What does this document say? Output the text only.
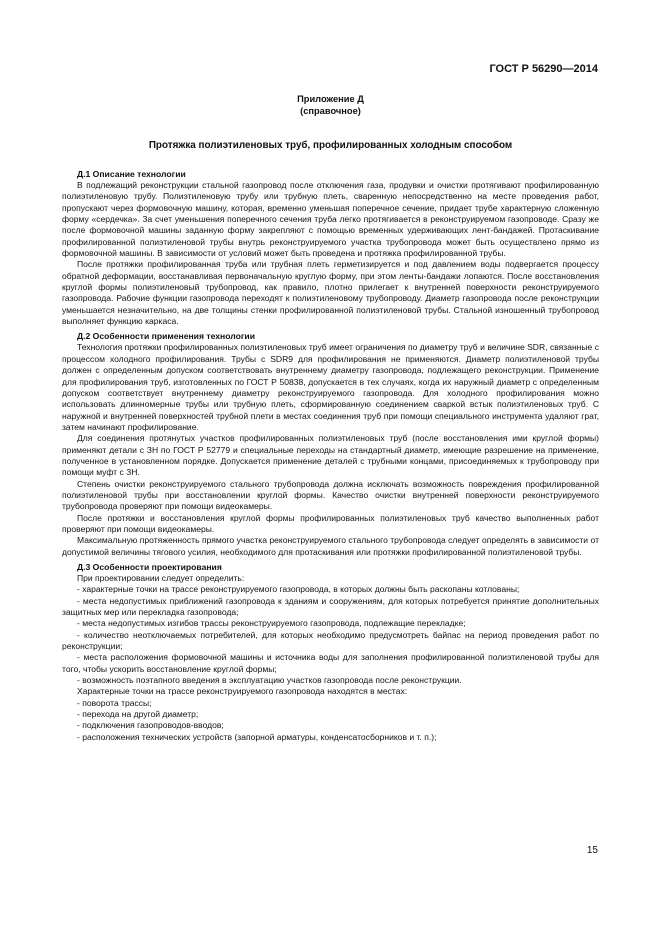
ГОСТ Р 56290—2014
Приложение Д
(справочное)
Протяжка полиэтиленовых труб, профилированных холодным способом
Д.1 Описание технологии

В подлежащий реконструкции стальной газопровод после отключения газа, продувки и очистки протягивают профилированную полиэтиленовую трубу. Полиэтиленовую трубу или трубную плеть, сваренную непосредственно на месте проведения работ, пропускают через формовочную машину, которая, временно уменьшая поперечное сечение, придает трубе характерную сложенную форму «сердечка». За счет уменьшения поперечного сечения труба легко протягивается в реконструируемом газопроводе. Сразу же после формовочной машины заданную форму закрепляют с помощью временных удерживающих лент-бандажей. Протаскивание профилированной полиэтиленовой трубы внутрь реконструируемого участка трубопровода может быть осуществлено прямо из формовочной машины. В зависимости от условий может быть проведена и протяжка профилированной трубы.

После протяжки профилированная труба или трубная плеть герметизируется и под давлением воды подвергается процессу обратной деформации, восстанавливая первоначальную круглую форму, при этом ленты-бандажи лопаются. После восстановления круглой формы полиэтиленовый трубопровод, как правило, плотно прилегает к внутренней поверхности реконструируемого газопровода. Рабочие функции газопровода переходят к полиэтиленовому трубопроводу. Диаметр газопровода после реконструкции уменьшается незначительно, на две толщины стенки профилированной полиэтиленовой трубы. Стальной изношенный трубопровод выполняет функцию каркаса.

Д.2 Особенности применения технологии

Технология протяжки профилированных полиэтиленовых труб имеет ограничения по диаметру труб и величине SDR, связанные с процессом холодного профилирования. Трубы с SDR9 для профилирования не применяются. Диаметр полиэтиленовой трубы должен с определенным допуском соответствовать внутреннему диаметру газопровода, подлежащего реконструкции. Применение для профилирования труб, изготовленных по ГОСТ Р 50838, допускается в тех случаях, когда их наружный диаметр с определенным допуском соответствует внутреннему диаметру реконструируемого газопровода. Для холодного профилирования можно использовать длинномерные трубы или трубную плеть, сформированную соединением сваркой встык полиэтиленовых труб. С наружной и внутренней поверхностей трубной плети в местах соединения труб при помощи специального инструмента удаляют грат, затем начинают профилирование.

Для соединения протянутых участков профилированных полиэтиленовых труб (после восстановления ими круглой формы) применяют детали с ЗН по ГОСТ Р 52779 и специальные переходы на стандартный диаметр, имеющие разрешение на применение, полученное в установленном порядке. Допускается применение деталей с трубными концами, присоединяемых к трубопроводу при помощи муфт с ЗН.

Степень очистки реконструируемого стального трубопровода должна исключать возможность повреждения профилированной полиэтиленовой трубы при восстановлении круглой формы. Качество очистки внутренней поверхности реконструируемого трубопровода проверяют при помощи видеокамеры.

После протяжки и восстановления круглой формы профилированных полиэтиленовых труб качество выполненных работ проверяют при помощи видеокамеры.

Максимальную протяженность прямого участка реконструируемого стального трубопровода следует определять в зависимости от допустимой величины тягового усилия, необходимого для протаскивания или протяжки профилированной полиэтиленовой трубы.

Д.3 Особенности проектирования

При проектировании следует определить:

- характерные точки на трассе реконструируемого газопровода, в которых должны быть раскопаны котлованы;

- места недопустимых приближений газопровода к зданиям и сооружениям, для которых потребуется принятие дополнительных защитных мер или перекладка газопровода;

- места недопустимых изгибов трассы реконструируемого газопровода, подлежащие перекладке;

- количество неотключаемых потребителей, для которых необходимо предусмотреть байпас на период проведения работ по реконструкции;

- места расположения формовочной машины и источника воды для заполнения профилированной полиэтиленовой трубы для того, чтобы ускорить восстановление круглой формы;

- возможность поэтапного введения в эксплуатацию участков газопровода после реконструкции.

Характерные точки на трассе реконструируемого газопровода находятся в местах:

- поворота трассы;

- перехода на другой диаметр;

- подключения газопроводов-вводов;

- расположения технических устройств (запорной арматуры, конденсатосборников и т. п.);

15
